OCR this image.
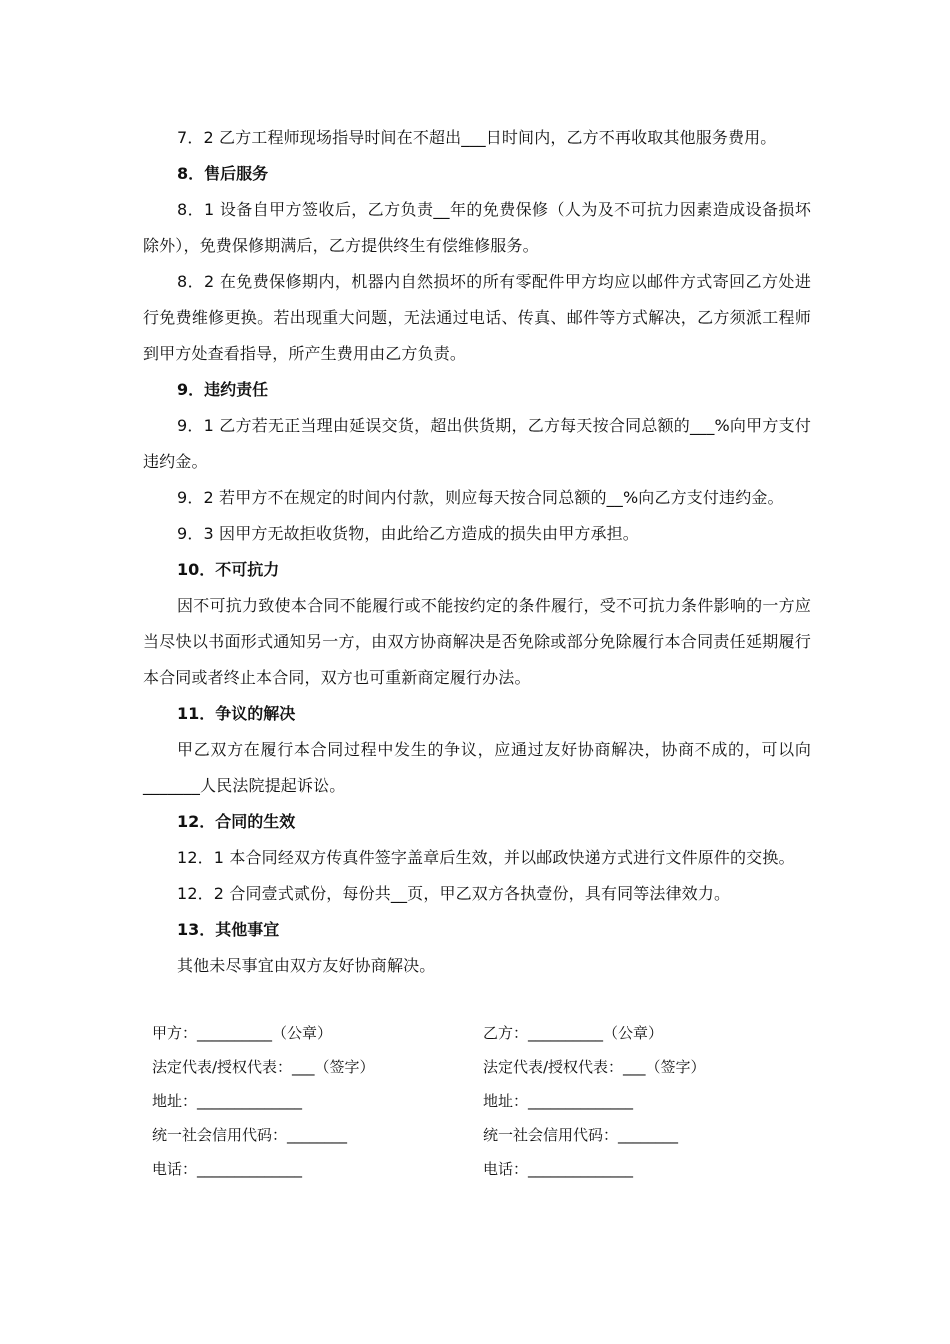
7．2 乙方工程师现场指导时间在不超出___日时间内，乙方不再收取其他服务费用。

8．售后服务

8．1 设备自甲方签收后，乙方负责__年的免费保修（人为及不可抗力因素造成设备损坏除外），免费保修期满后，乙方提供终生有偿维修服务。

8．2 在免费保修期内，机器内自然损坏的所有零配件甲方均应以邮件方式寄回乙方处进行免费维修更换。若出现重大问题，无法通过电话、传真、邮件等方式解决，乙方须派工程师到甲方处查看指导，所产生费用由乙方负责。

9．违约责任

9．1 乙方若无正当理由延误交货，超出供货期，乙方每天按合同总额的___%向甲方支付违约金。

9．2 若甲方不在规定的时间内付款，则应每天按合同总额的__%向乙方支付违约金。

9．3 因甲方无故拒收货物，由此给乙方造成的损失由甲方承担。

10．不可抗力

因不可抗力致使本合同不能履行或不能按约定的条件履行，受不可抗力条件影响的一方应当尽快以书面形式通知另一方，由双方协商解决是否免除或部分免除履行本合同责任延期履行本合同或者终止本合同，双方也可重新商定履行办法。

11．争议的解决

甲乙双方在履行本合同过程中发生的争议，应通过友好协商解决，协商不成的，可以向_______人民法院提起诉讼。

12．合同的生效

12．1 本合同经双方传真件签字盖章后生效，并以邮政快递方式进行文件原件的交换。

12．2 合同壹式贰份，每份共__页，甲乙双方各执壹份，具有同等法律效力。

13．其他事宜

其他未尽事宜由双方友好协商解决。

甲方：__________（公章）
法定代表/授权代表：___（签字）
地址：______________
统一社会信用代码：________
电话：______________
乙方：__________（公章）
法定代表/授权代表：___（签字）
地址：______________
统一社会信用代码：________
电话：______________
